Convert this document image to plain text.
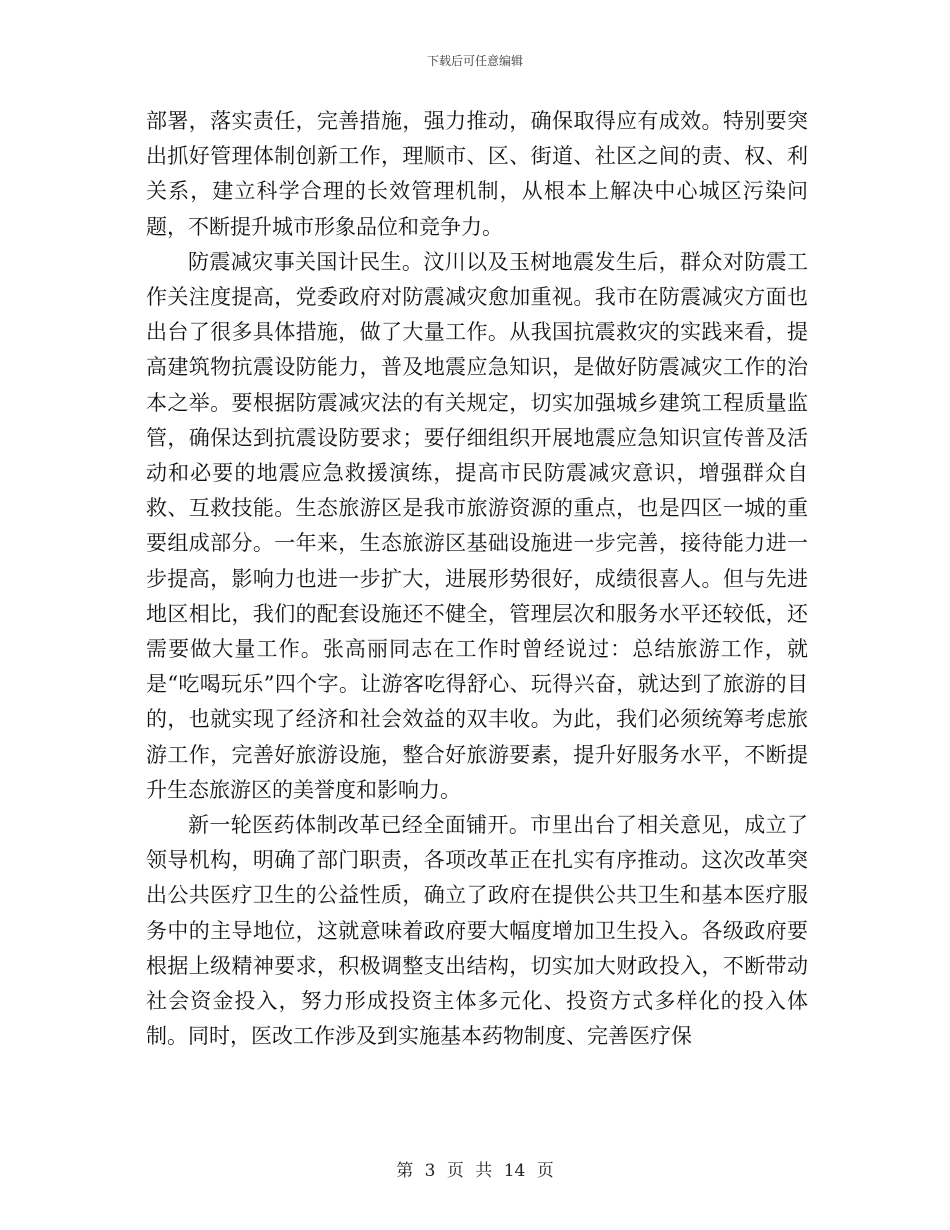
下载后可任意编辑

部署，落实责任，完善措施，强力推动，确保取得应有成效。特别要突出抓好管理体制创新工作，理顺市、区、街道、社区之间的责、权、利关系，建立科学合理的长效管理机制，从根本上解决中心城区污染问题，不断提升城市形象品位和竞争力。

防震减灾事关国计民生。汶川以及玉树地震发生后，群众对防震工作关注度提高，党委政府对防震减灾愈加重视。我市在防震减灾方面也出台了很多具体措施，做了大量工作。从我国抗震救灾的实践来看，提高建筑物抗震设防能力，普及地震应急知识，是做好防震减灾工作的治本之举。要根据防震减灾法的有关规定，切实加强城乡建筑工程质量监管，确保达到抗震设防要求；要仔细组织开展地震应急知识宣传普及活动和必要的地震应急救援演练，提高市民防震减灾意识，增强群众自救、互救技能。生态旅游区是我市旅游资源的重点，也是四区一城的重要组成部分。一年来，生态旅游区基础设施进一步完善，接待能力进一步提高，影响力也进一步扩大，进展形势很好，成绩很喜人。但与先进地区相比，我们的配套设施还不健全，管理层次和服务水平还较低，还需要做大量工作。张高丽同志在工作时曾经说过：总结旅游工作，就是“吃喝玩乐”四个字。让游客吃得舒心、玩得兴奋，就达到了旅游的目的，也就实现了经济和社会效益的双丰收。为此，我们必须统筹考虑旅游工作，完善好旅游设施，整合好旅游要素，提升好服务水平，不断提升生态旅游区的美誉度和影响力。

新一轮医药体制改革已经全面铺开。市里出台了相关意见，成立了领导机构，明确了部门职责，各项改革正在扎实有序推动。这次改革突出公共医疗卫生的公益性质，确立了政府在提供公共卫生和基本医疗服务中的主导地位，这就意味着政府要大幅度增加卫生投入。各级政府要根据上级精神要求，积极调整支出结构，切实加大财政投入，不断带动社会资金投入，努力形成投资主体多元化、投资方式多样化的投入体制。同时，医改工作涉及到实施基本药物制度、完善医疗保

第 3 页 共 14 页
